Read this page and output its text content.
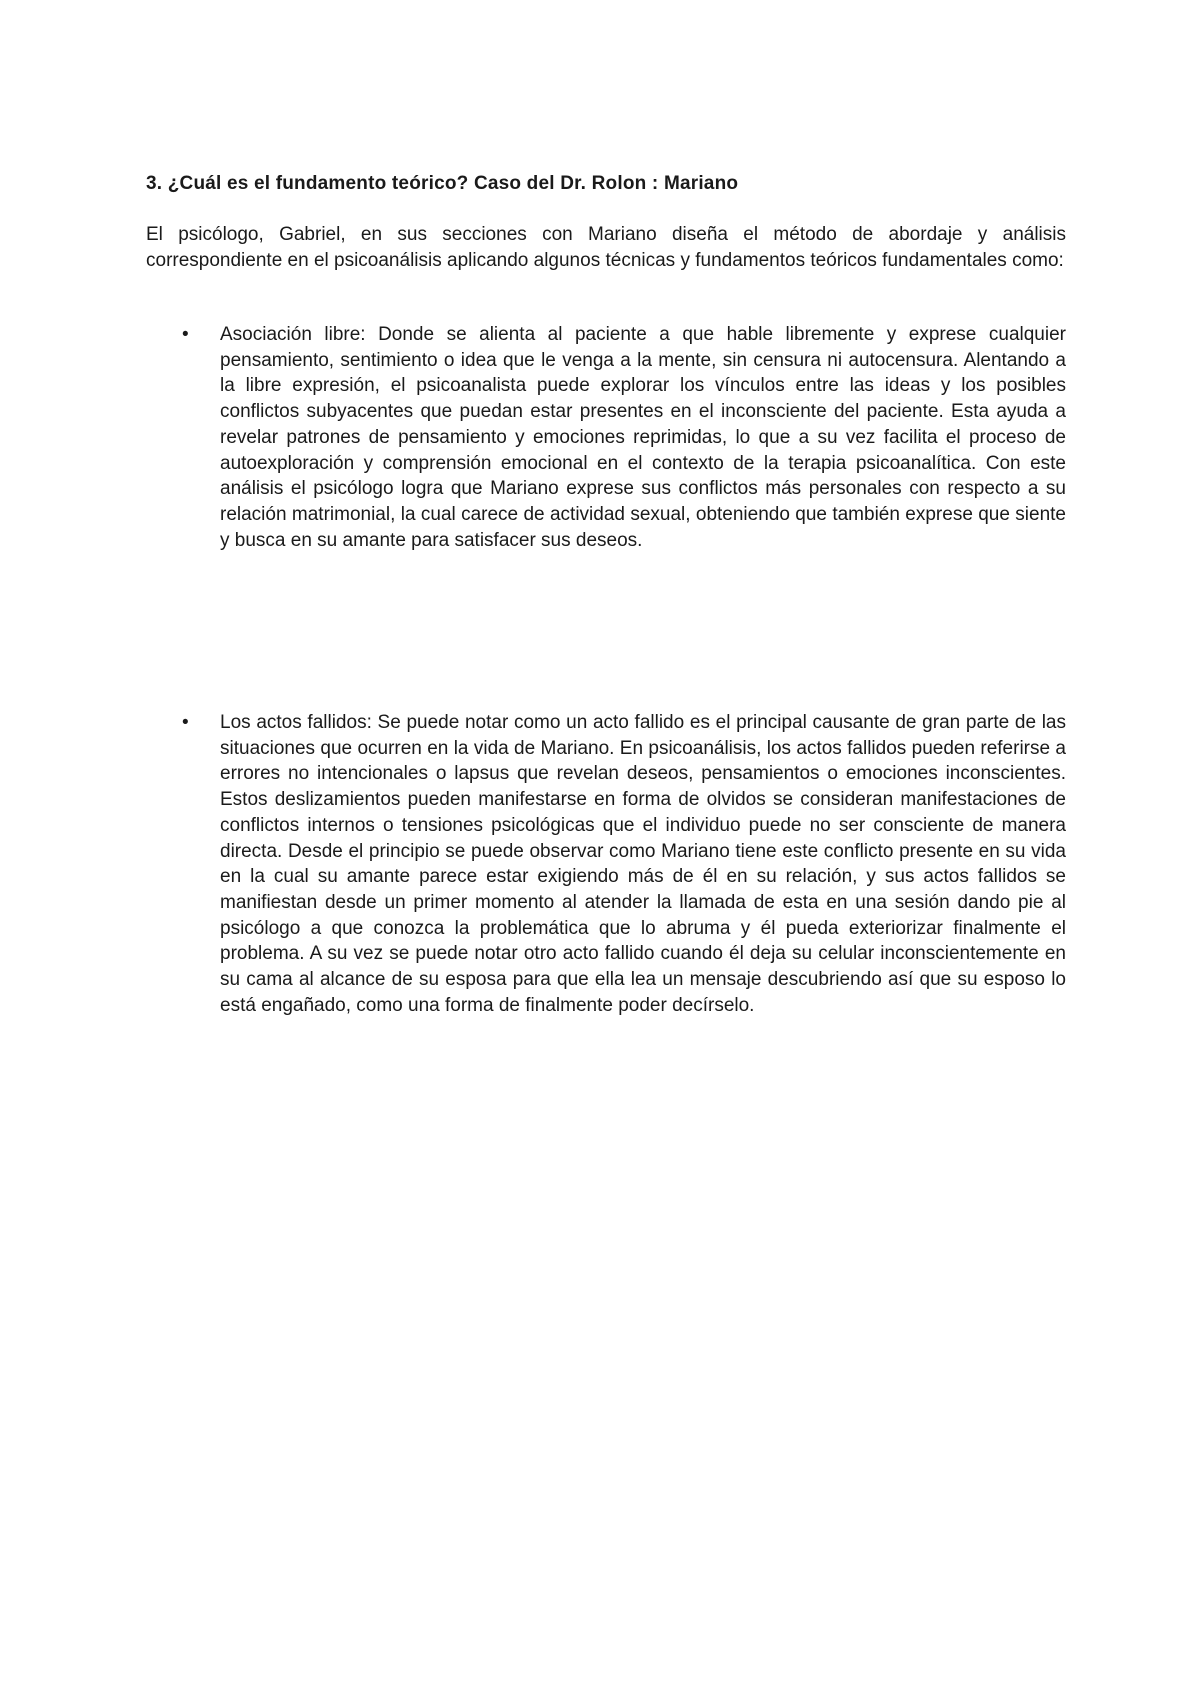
3. ¿Cuál es el fundamento teórico? Caso del Dr. Rolon : Mariano

El psicólogo, Gabriel, en sus secciones con Mariano diseña el método de abordaje y análisis correspondiente en el psicoanálisis aplicando algunos técnicas y fundamentos teóricos fundamentales como:

• Asociación libre: Donde se alienta al paciente a que hable libremente y exprese cualquier pensamiento, sentimiento o idea que le venga a la mente, sin censura ni autocensura. Alentando a la libre expresión, el psicoanalista puede explorar los vínculos entre las ideas y los posibles conflictos subyacentes que puedan estar presentes en el inconsciente del paciente. Esta ayuda a revelar patrones de pensamiento y emociones reprimidas, lo que a su vez facilita el proceso de autoexploración y comprensión emocional en el contexto de la terapia psicoanalítica. Con este análisis el psicólogo logra que Mariano exprese sus conflictos más personales con respecto a su relación matrimonial, la cual carece de actividad sexual, obteniendo que también exprese que siente y busca en su amante para satisfacer sus deseos.
• Los actos fallidos: Se puede notar como un acto fallido es el principal causante de gran parte de las situaciones que ocurren en la vida de Mariano. En psicoanálisis, los actos fallidos pueden referirse a errores no intencionales o lapsus que revelan deseos, pensamientos o emociones inconscientes. Estos deslizamientos pueden manifestarse en forma de olvidos se consideran manifestaciones de conflictos internos o tensiones psicológicas que el individuo puede no ser consciente de manera directa. Desde el principio se puede observar como Mariano tiene este conflicto presente en su vida en la cual su amante parece estar exigiendo más de él en su relación, y sus actos fallidos se manifiestan desde un primer momento al atender la llamada de esta en una sesión dando pie al psicólogo a que conozca la problemática que lo abruma y él pueda exteriorizar finalmente el problema. A su vez se puede notar otro acto fallido cuando él deja su celular inconscientemente en su cama al alcance de su esposa para que ella lea un mensaje descubriendo así que su esposo lo está engañado, como una forma de finalmente poder decírselo.
